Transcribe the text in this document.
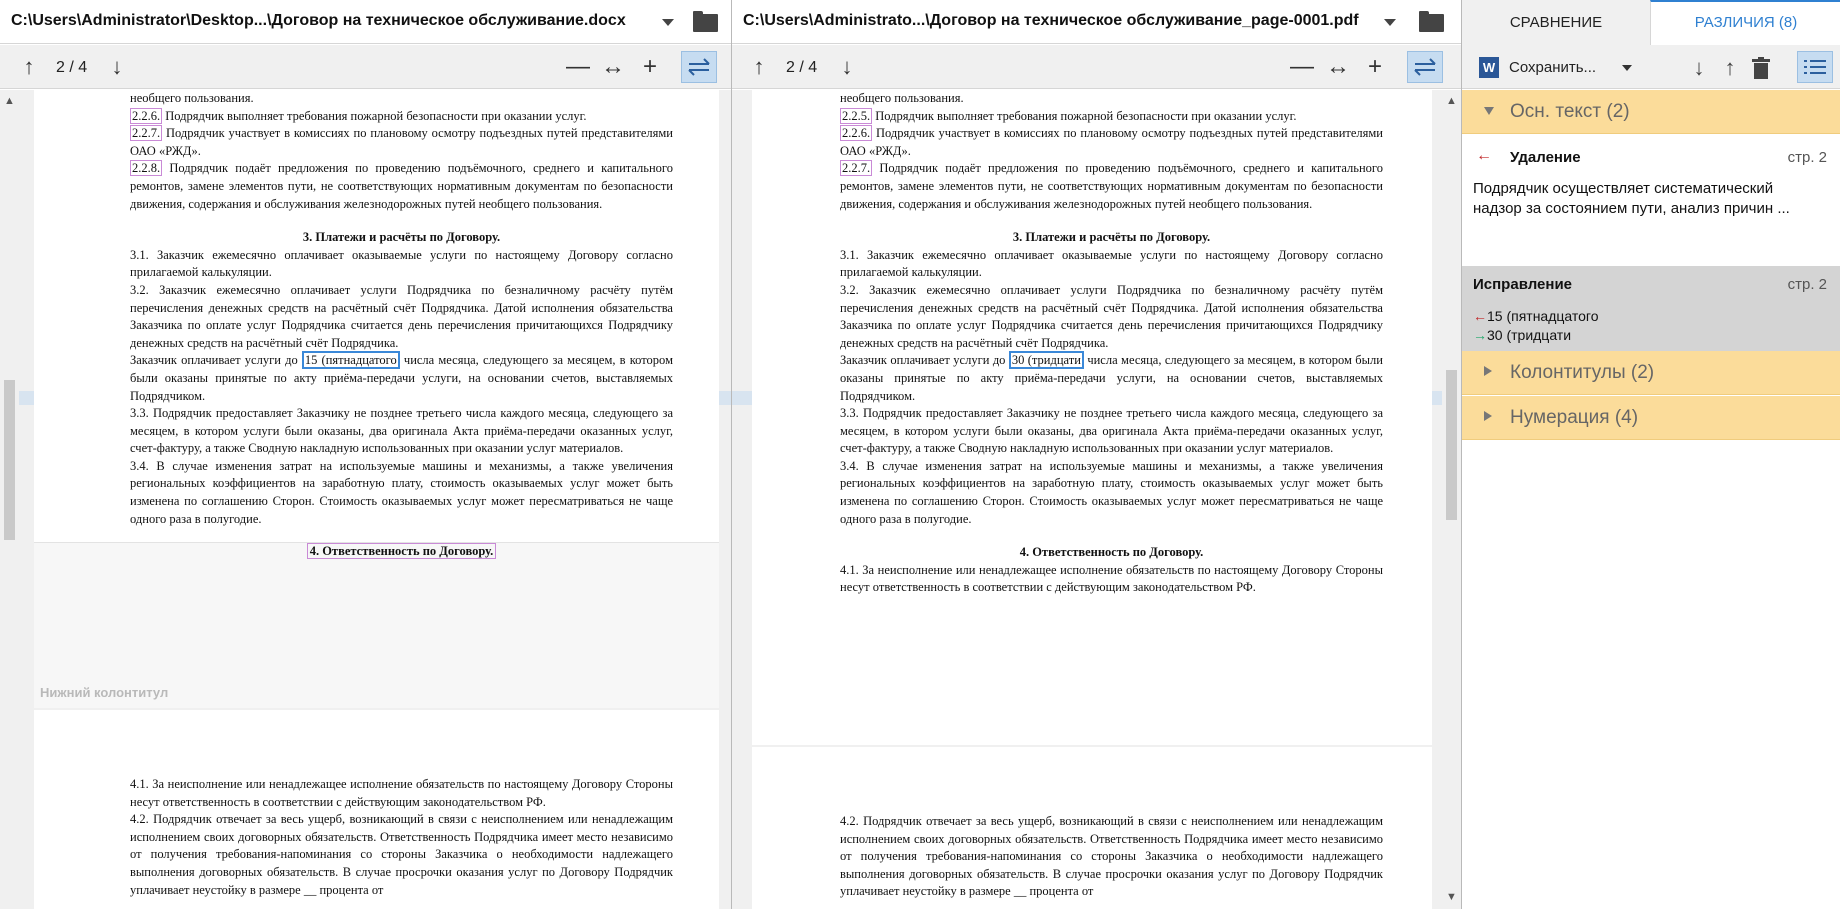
C:\Users\Administrator\Desktop...\Договор на техническое обслуживание.docx
↑	2 / 4 ↓	— ↔ +
▲	необщего пользования.

2.2.6. Подрядчик выполняет требования пожарной безопасности при оказании услуг.

2.2.7. Подрядчик участвует в комиссиях по плановому осмотру подъездных путей представителями ОАО «РЖД».

2.2.8. Подрядчик подаёт предложения по проведению подъёмочного, среднего и капитального ремонтов, замене элементов пути, не соответствующих нормативным документам по безопасности движения, содержания и обслуживания железнодорожных путей необщего пользования.

3. Платежи и расчёты по Договору.

3.1. Заказчик ежемесячно оплачивает оказываемые услуги по настоящему Договору согласно прилагаемой калькуляции.

3.2. Заказчик ежемесячно оплачивает услуги Подрядчика по безналичному расчёту путём перечисления денежных средств на расчётный счёт Подрядчика. Датой исполнения обязательства Заказчика по оплате услуг Подрядчика считается день перечисления причитающихся Подрядчику денежных средств на расчётный счёт Подрядчика.

Заказчик оплачивает услуги до 15 (пятнадцатого числа месяца, следующего за месяцем, в котором были оказаны принятые по акту приёма-передачи услуги, на основании счетов, выставляемых Подрядчиком.

3.3. Подрядчик предоставляет Заказчику не позднее третьего числа каждого месяца, следующего за месяцем, в котором услуги были оказаны, два оригинала Акта приёма-передачи оказанных услуг, счет-фактуру, а также Сводную накладную использованных при оказании услуг материалов.

3.4. В случае изменения затрат на используемые машины и механизмы, а также увеличения региональных коэффициентов на заработную плату, стоимость оказываемых услуг может быть изменена по соглашению Сторон. Стоимость оказываемых услуг может пересматриваться не чаще одного раза в полугодие.

4. Ответственность по Договору.

Нижний колонтитул

4.1. За неисполнение или ненадлежащее исполнение обязательств по настоящему Договору Стороны несут ответственность в соответствии с действующим законодательством РФ.

4.2. Подрядчик отвечает за весь ущерб, возникающий в связи с неисполнением или ненадлежащим исполнением своих договорных обязательств. Ответственность Подрядчика имеет место независимо от получения требования-напоминания со стороны Заказчика о необходимости надлежащего выполнения договорных обязательств. В случае просрочки оказания услуг по Договору Подрядчик уплачивает неустойку в размере __ процента от

C:\Users\Administrato...\Договор на техническое обслуживание_page-0001.pdf
↑	2 / 4 ↓	— ↔ +

необщего пользования.

2.2.5. Подрядчик выполняет требования пожарной безопасности при оказании услуг.

2.2.6. Подрядчик участвует в комиссиях по плановому осмотру подъездных путей представителями ОАО «РЖД».

2.2.7. Подрядчик подаёт предложения по проведению подъёмочного, среднего и капитального ремонтов, замене элементов пути, не соответствующих нормативным документам по безопасности движения, содержания и обслуживания железнодорожных путей необщего пользования.

3. Платежи и расчёты по Договору.

3.1. Заказчик ежемесячно оплачивает оказываемые услуги по настоящему Договору согласно прилагаемой калькуляции.

3.2. Заказчик ежемесячно оплачивает услуги Подрядчика по безналичному расчёту путём перечисления денежных средств на расчётный счёт Подрядчика. Датой исполнения обязательства Заказчика по оплате услуг Подрядчика считается день перечисления причитающихся Подрядчику денежных средств на расчётный счёт Подрядчика.

Заказчик оплачивает услуги до 30 (тридцати числа месяца, следующего за месяцем, в котором были оказаны принятые по акту приёма-передачи услуги, на основании счетов, выставляемых Подрядчиком.

3.3. Подрядчик предоставляет Заказчику не позднее третьего числа каждого месяца, следующего за месяцем, в котором услуги были оказаны, два оригинала Акта приёма-передачи оказанных услуг, счет-фактуру, а также Сводную накладную использованных при оказании услуг материалов.

3.4. В случае изменения затрат на используемые машины и механизмы, а также увеличения региональных коэффициентов на заработную плату, стоимость оказываемых услуг может быть изменена по соглашению Сторон. Стоимость оказываемых услуг может пересматриваться не чаще одного раза в полугодие.

4. Ответственность по Договору.

4.1. За неисполнение или ненадлежащее исполнение обязательств по настоящему Договору Стороны несут ответственность в соответствии с действующим законодательством РФ.

4.2. Подрядчик отвечает за весь ущерб, возникающий в связи с неисполнением или ненадлежащим исполнением своих договорных обязательств. Ответственность Подрядчика имеет место независимо от получения требования-напоминания со стороны Заказчика о необходимости надлежащего выполнения договорных обязательств. В случае просрочки оказания услуг по Договору Подрядчик уплачивает неустойку в размере __ процента от

▲
▼
СРАВНЕНИЕ	РАЗЛИЧИЯ (8)
W Сохранить...	↓ ↑
Осн. текст (2)
← Удаление	стр. 2
Подрядчик осуществляет систематический надзор за состоянием пути, анализ причин ...
Исправление	стр. 2
←15 (пятнадцатого
→30 (тридцати
Колонтитулы (2)
Нумерация (4)
